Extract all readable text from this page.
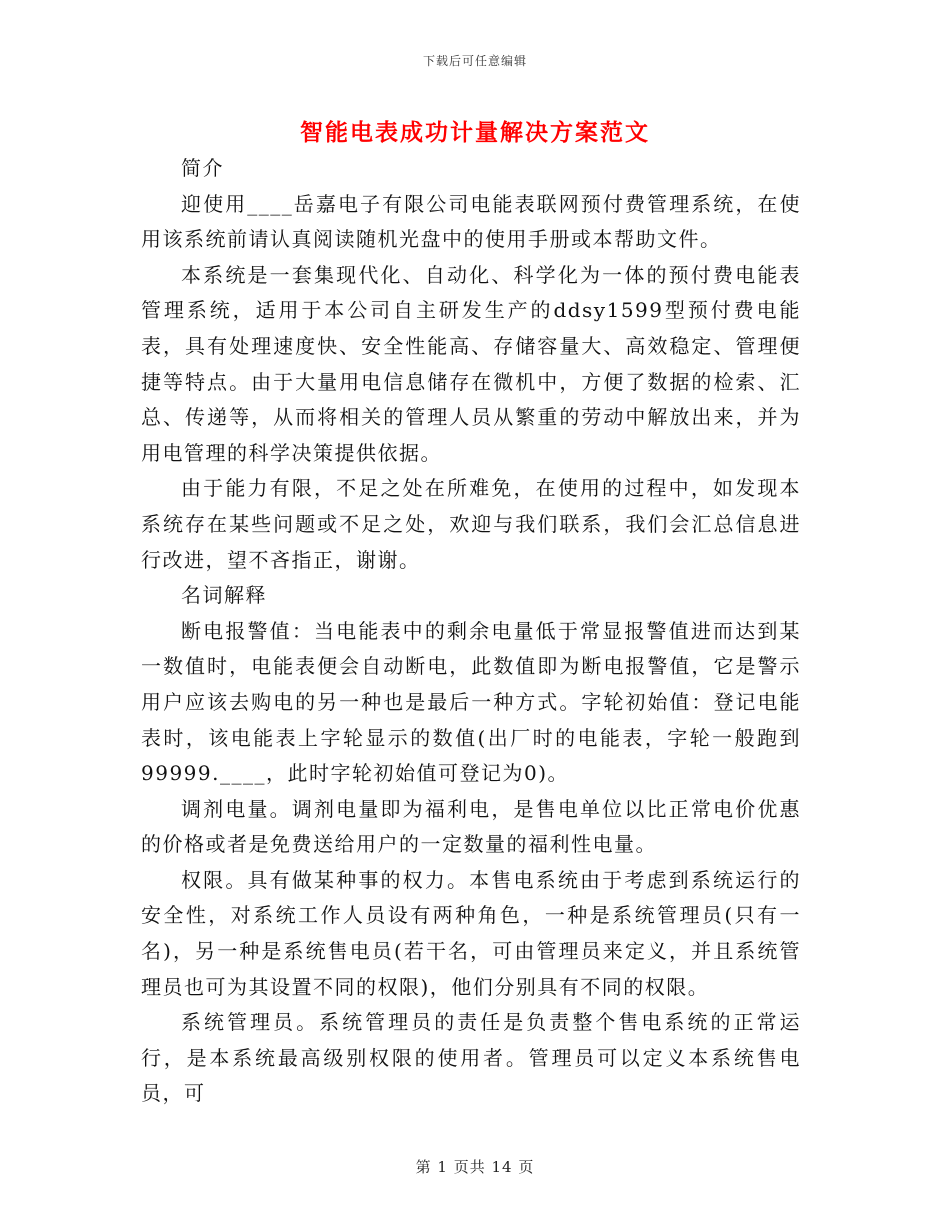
下载后可任意编辑
智能电表成功计量解决方案范文

简介

迎使用____岳嘉电子有限公司电能表联网预付费管理系统，在使用该系统前请认真阅读随机光盘中的使用手册或本帮助文件。

本系统是一套集现代化、自动化、科学化为一体的预付费电能表管理系统，适用于本公司自主研发生产的ddsy1599型预付费电能表，具有处理速度快、安全性能高、存储容量大、高效稳定、管理便捷等特点。由于大量用电信息储存在微机中，方便了数据的检索、汇总、传递等，从而将相关的管理人员从繁重的劳动中解放出来，并为用电管理的科学决策提供依据。

由于能力有限，不足之处在所难免，在使用的过程中，如发现本系统存在某些问题或不足之处，欢迎与我们联系，我们会汇总信息进行改进，望不吝指正，谢谢。

名词解释

断电报警值：当电能表中的剩余电量低于常显报警值进而达到某一数值时，电能表便会自动断电，此数值即为断电报警值，它是警示用户应该去购电的另一种也是最后一种方式。字轮初始值：登记电能表时，该电能表上字轮显示的数值(出厂时的电能表，字轮一般跑到99999.____，此时字轮初始值可登记为0)。

调剂电量。调剂电量即为福利电，是售电单位以比正常电价优惠的价格或者是免费送给用户的一定数量的福利性电量。

权限。具有做某种事的权力。本售电系统由于考虑到系统运行的安全性，对系统工作人员设有两种角色，一种是系统管理员(只有一名)，另一种是系统售电员(若干名，可由管理员来定义，并且系统管理员也可为其设置不同的权限)，他们分别具有不同的权限。

系统管理员。系统管理员的责任是负责整个售电系统的正常运行，是本系统最高级别权限的使用者。管理员可以定义本系统售电员，可

第 1 页共 14 页
